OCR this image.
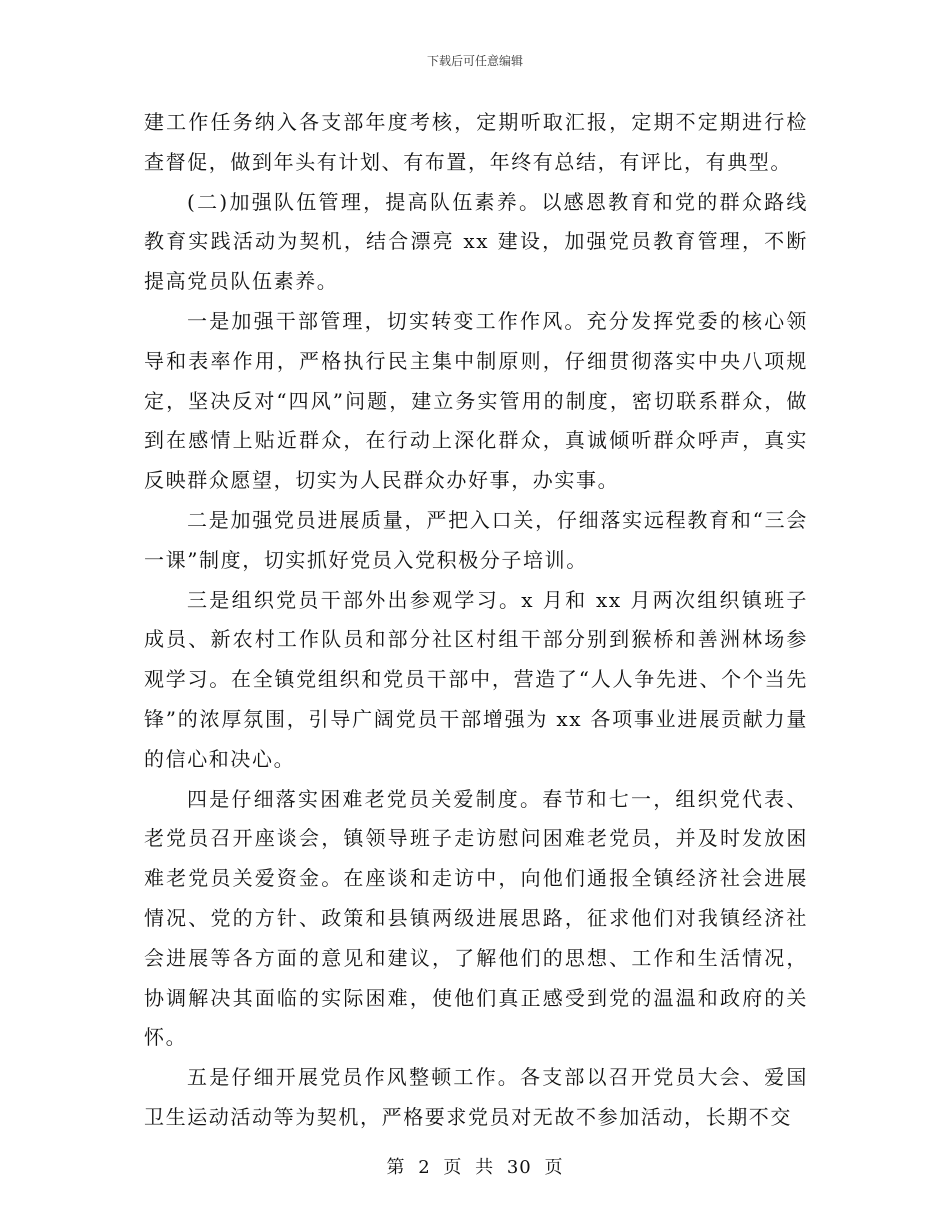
下载后可任意编辑

建工作任务纳入各支部年度考核，定期听取汇报，定期不定期进行检查督促，做到年头有计划、有布置，年终有总结，有评比，有典型。

(二)加强队伍管理，提高队伍素养。以感恩教育和党的群众路线教育实践活动为契机，结合漂亮 xx 建设，加强党员教育管理，不断提高党员队伍素养。

一是加强干部管理，切实转变工作作风。充分发挥党委的核心领导和表率作用，严格执行民主集中制原则，仔细贯彻落实中央八项规定，坚决反对“四风”问题，建立务实管用的制度，密切联系群众，做到在感情上贴近群众，在行动上深化群众，真诚倾听群众呼声，真实反映群众愿望，切实为人民群众办好事，办实事。

二是加强党员进展质量，严把入口关，仔细落实远程教育和“三会一课”制度，切实抓好党员入党积极分子培训。

三是组织党员干部外出参观学习。x 月和 xx 月两次组织镇班子成员、新农村工作队员和部分社区村组干部分别到猴桥和善洲林场参观学习。在全镇党组织和党员干部中，营造了“人人争先进、个个当先锋”的浓厚氛围，引导广阔党员干部增强为 xx 各项事业进展贡献力量的信心和决心。

四是仔细落实困难老党员关爱制度。春节和七一，组织党代表、老党员召开座谈会，镇领导班子走访慰问困难老党员，并及时发放困难老党员关爱资金。在座谈和走访中，向他们通报全镇经济社会进展情况、党的方针、政策和县镇两级进展思路，征求他们对我镇经济社会进展等各方面的意见和建议，了解他们的思想、工作和生活情况，协调解决其面临的实际困难，使他们真正感受到党的温温和政府的关怀。

五是仔细开展党员作风整顿工作。各支部以召开党员大会、爱国卫生运动活动等为契机，严格要求党员对无故不参加活动，长期不交

第 2 页 共 30 页
